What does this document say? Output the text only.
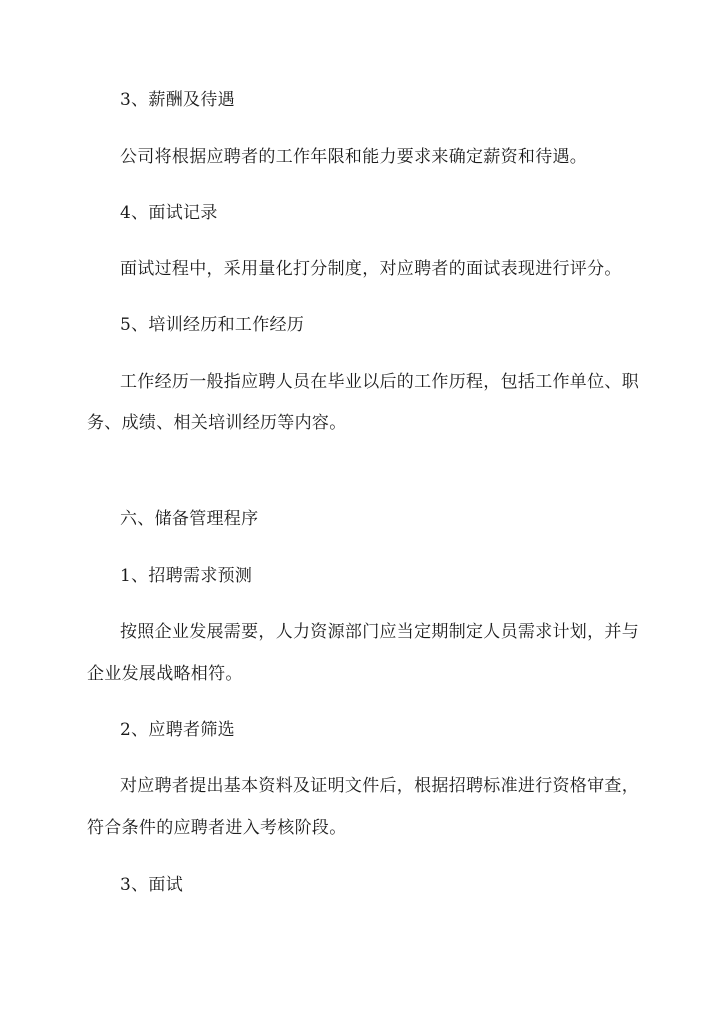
3、薪酬及待遇
公司将根据应聘者的工作年限和能力要求来确定薪资和待遇。
4、面试记录
面试过程中，采用量化打分制度，对应聘者的面试表现进行评分。
5、培训经历和工作经历
工作经历一般指应聘人员在毕业以后的工作历程，包括工作单位、职
务、成绩、相关培训经历等内容。
六、储备管理程序
1、招聘需求预测
按照企业发展需要，人力资源部门应当定期制定人员需求计划，并与
企业发展战略相符。
2、应聘者筛选
对应聘者提出基本资料及证明文件后，根据招聘标准进行资格审查，
符合条件的应聘者进入考核阶段。
3、面试
